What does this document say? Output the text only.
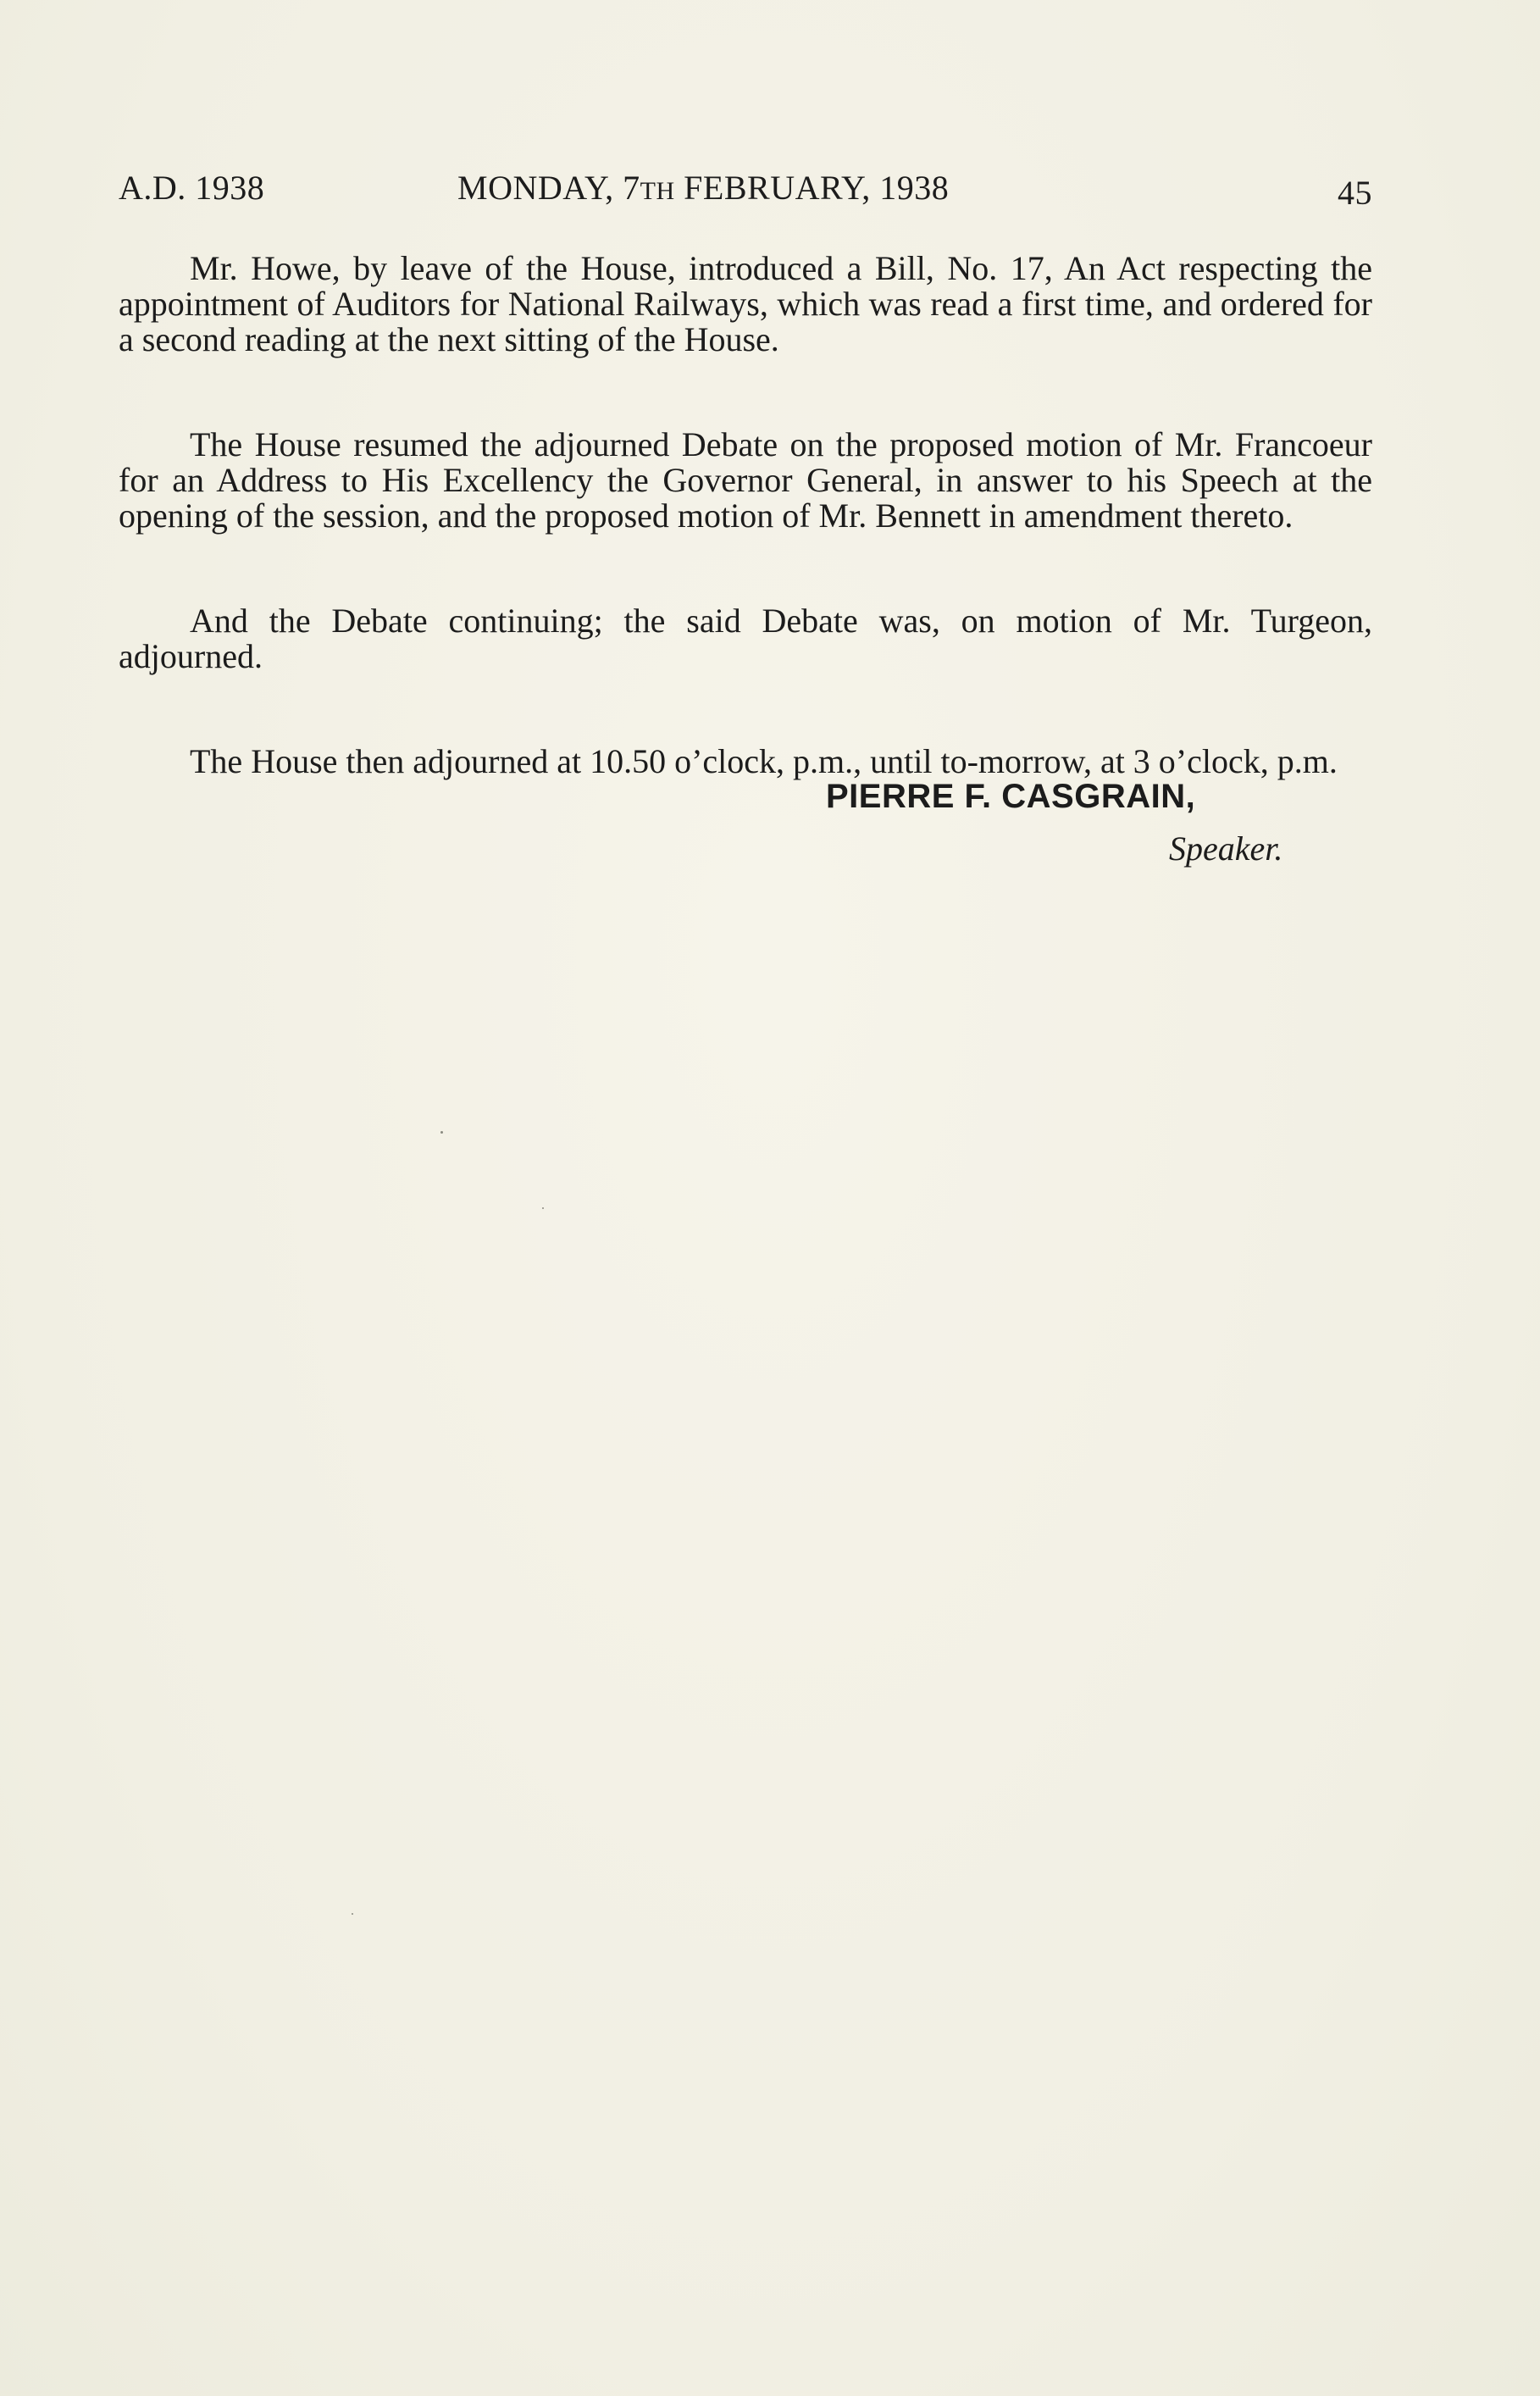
A.D. 1938	MONDAY, 7TH FEBRUARY, 1938	45

Mr. Howe, by leave of the House, introduced a Bill, No. 17, An Act respecting the appointment of Auditors for National Railways, which was read a first time, and ordered for a second reading at the next sitting of the House.

The House resumed the adjourned Debate on the proposed motion of Mr. Francoeur for an Address to His Excellency the Governor General, in answer to his Speech at the opening of the session, and the proposed motion of Mr. Bennett in amendment thereto.

And the Debate continuing; the said Debate was, on motion of Mr. Turgeon, adjourned.

The House then adjourned at 10.50 o’clock, p.m., until to-morrow, at 3 o’clock, p.m.

PIERRE F. CASGRAIN,
Speaker.
